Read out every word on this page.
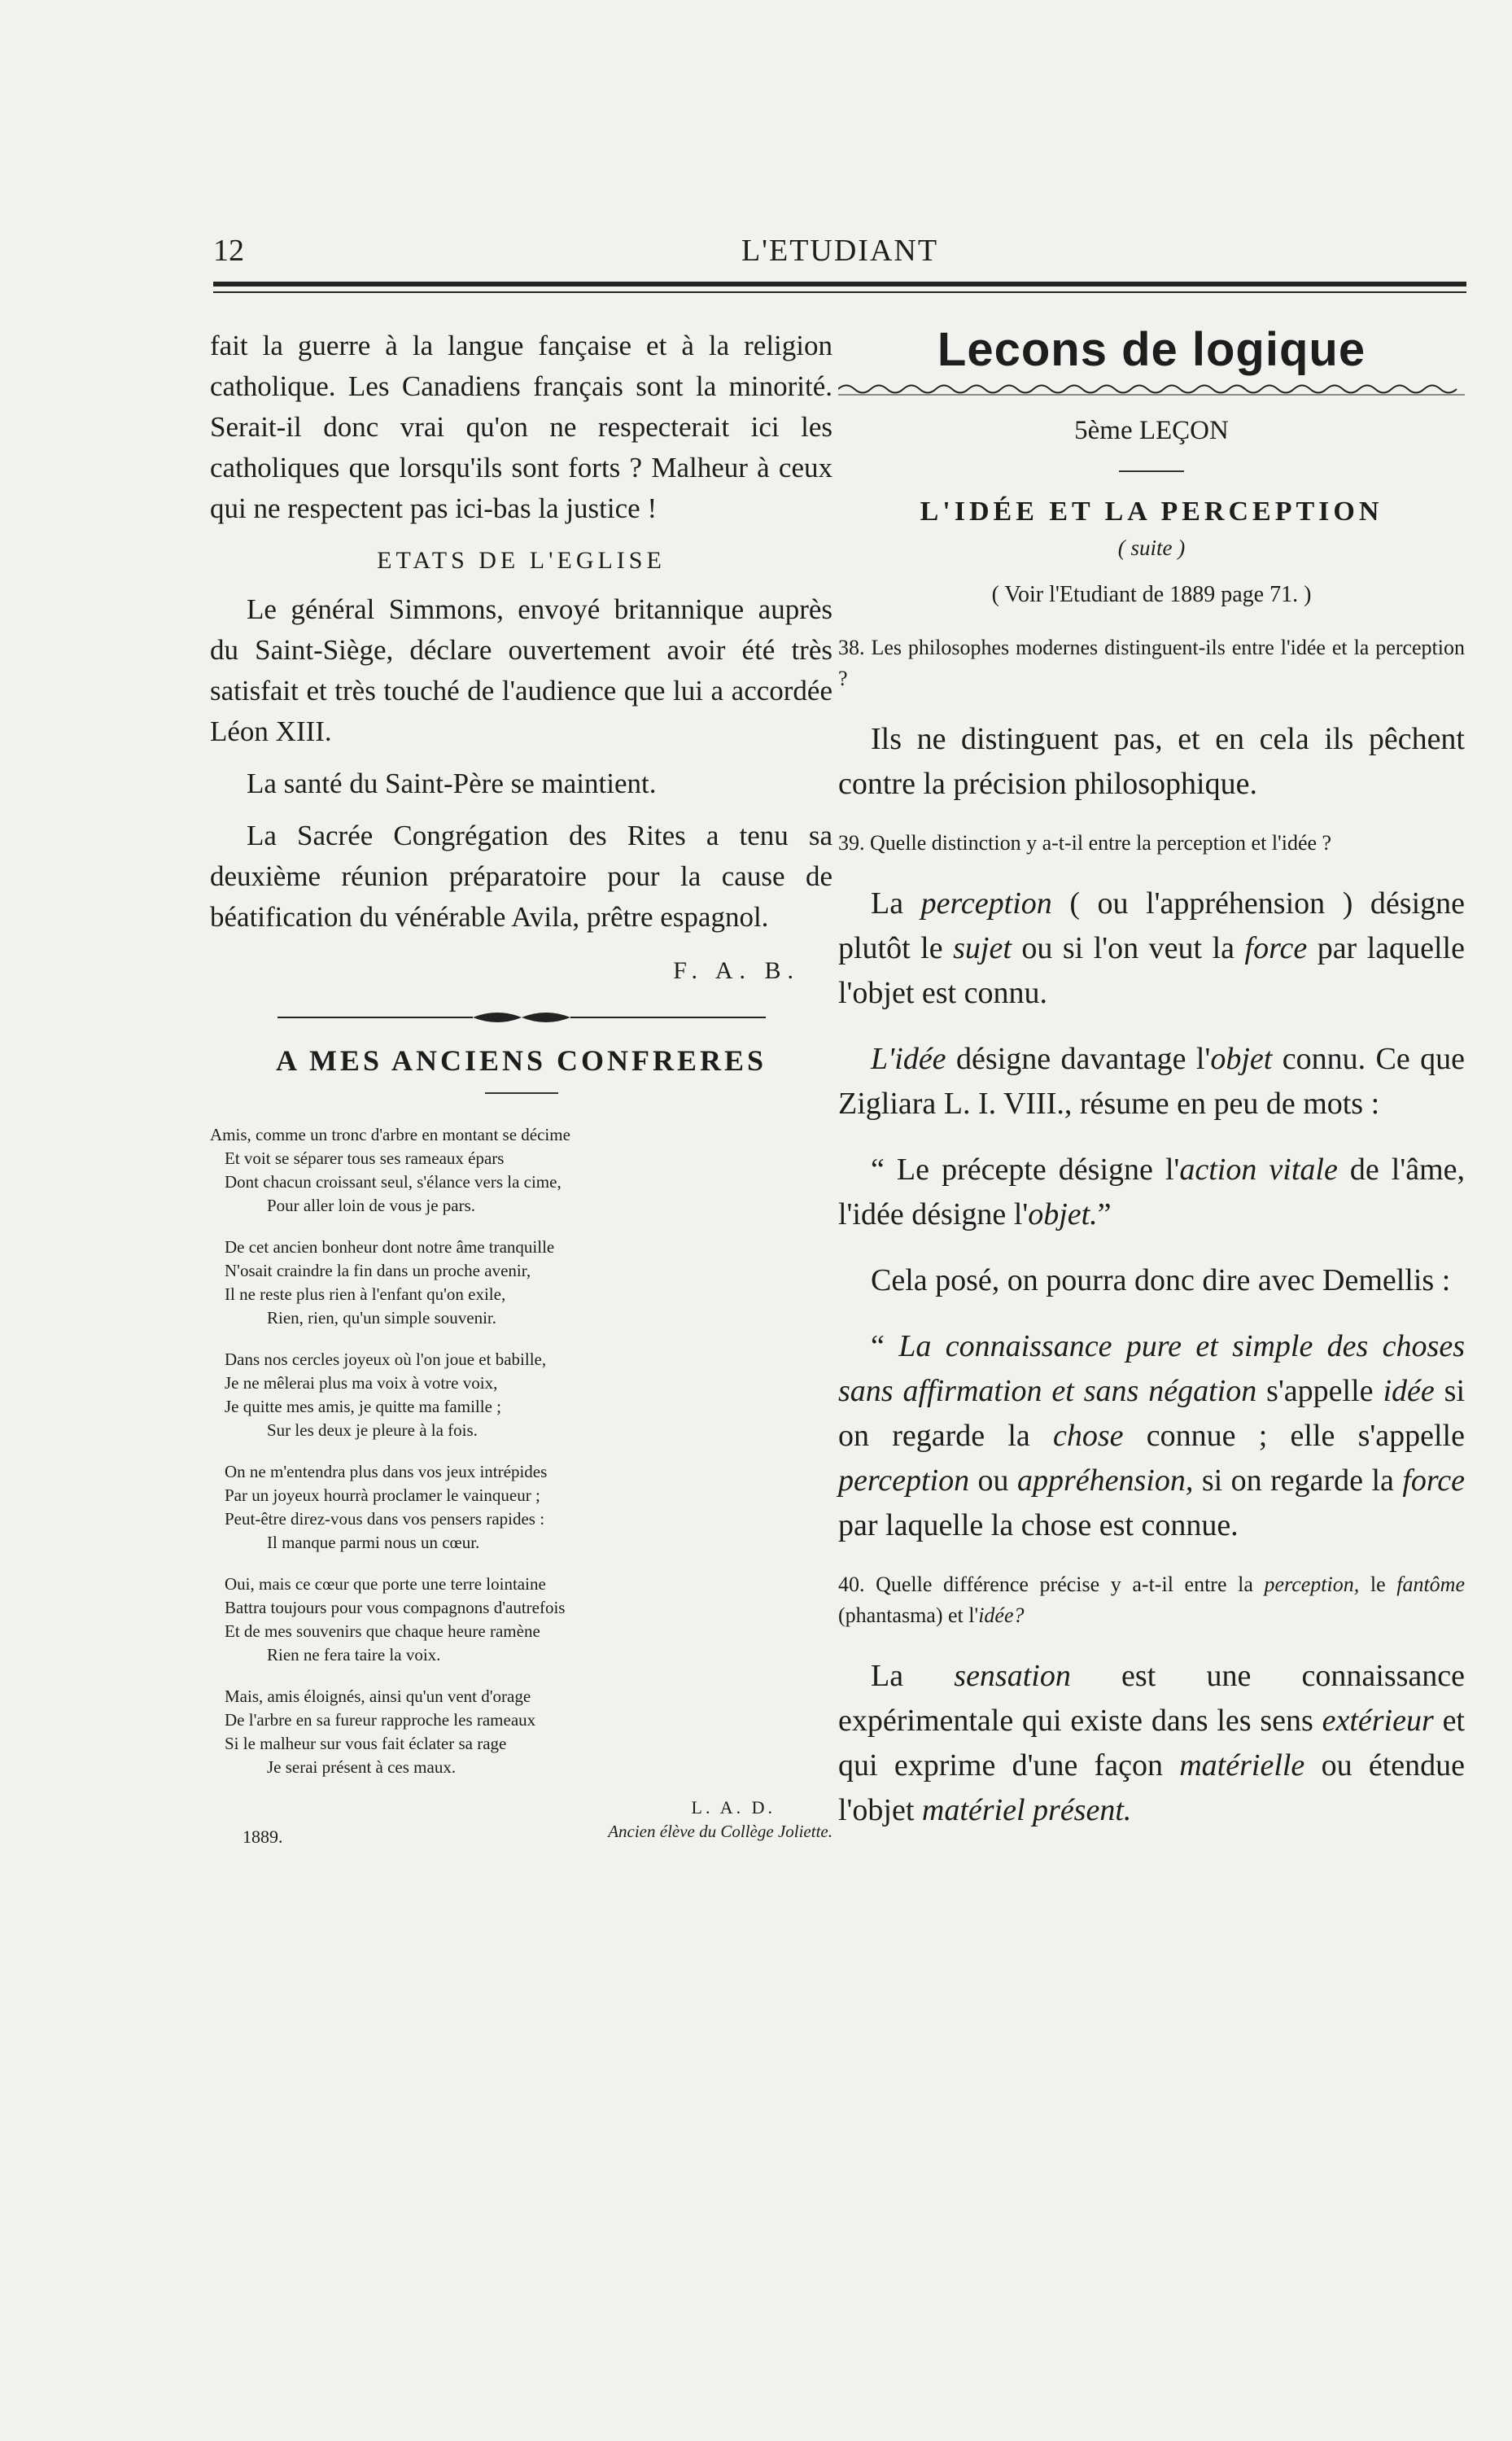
12	L'ETUDIANT

fait la guerre à la langue fançaise et à la religion catholique. Les Canadiens français sont la minorité. Serait-il donc vrai qu'on ne respecterait ici les catholiques que lorsqu'ils sont forts ? Malheur à ceux qui ne respectent pas ici-bas la justice !

ETATS DE L'EGLISE

Le général Simmons, envoyé britannique auprès du Saint-Siège, déclare ouvertement avoir été très satisfait et très touché de l'audience que lui a accordée Léon XIII.

La santé du Saint-Père se maintient.

La Sacrée Congrégation des Rites a tenu sa deuxième réunion préparatoire pour la cause de béatification du vénérable Avila, prêtre espagnol.

F. A. B.
A MES ANCIENS CONFRERES

Amis, comme un tronc d'arbre en montant se décime

Et voit se séparer tous ses rameaux épars

Dont chacun croissant seul, s'élance vers la cime,

Pour aller loin de vous je pars.

De cet ancien bonheur dont notre âme tranquille

N'osait craindre la fin dans un proche avenir,

Il ne reste plus rien à l'enfant qu'on exile,

Rien, rien, qu'un simple souvenir.

Dans nos cercles joyeux où l'on joue et babille,

Je ne mêlerai plus ma voix à votre voix,

Je quitte mes amis, je quitte ma famille ;

Sur les deux je pleure à la fois.

On ne m'entendra plus dans vos jeux intrépides

Par un joyeux hourrà proclamer le vainqueur ;

Peut-être direz-vous dans vos pensers rapides :

Il manque parmi nous un cœur.

Oui, mais ce cœur que porte une terre lointaine

Battra toujours pour vous compagnons d'autrefois

Et de mes souvenirs que chaque heure ramène

Rien ne fera taire la voix.

Mais, amis éloignés, ainsi qu'un vent d'orage

De l'arbre en sa fureur rapproche les rameaux

Si le malheur sur vous fait éclater sa rage

Je serai présent à ces maux.

L. A. D.
Ancien élève du Collège Joliette.
1889.
Lecons de logique
5ème LEÇON
L'IDÉE ET LA PERCEPTION
( suite )
( Voir l'Etudiant de 1889 page 71. )

38. Les philosophes modernes distinguent-ils entre l'idée et la perception ?

Ils ne distinguent pas, et en cela ils pêchent contre la précision philosophique.

39. Quelle distinction y a-t-il entre la perception et l'idée ?

La perception ( ou l'appréhension ) désigne plutôt le sujet ou si l'on veut la force par laquelle l'objet est connu.

L'idée désigne davantage l'objet connu. Ce que Zigliara L. I. VIII., résume en peu de mots :

“ Le précepte désigne l'action vitale de l'âme, l'idée désigne l'objet.”

Cela posé, on pourra donc dire avec Demellis :

“ La connaissance pure et simple des choses sans affirmation et sans négation s'appelle idée si on regarde la chose connue ; elle s'appelle perception ou appréhension, si on regarde la force par laquelle la chose est connue.

40. Quelle différence précise y a-t-il entre la perception, le fantôme (phantasma) et l'idée?

La sensation est une connaissance expérimentale qui existe dans les sens extérieur et qui exprime d'une façon matérielle ou étendue l'objet matériel présent.
